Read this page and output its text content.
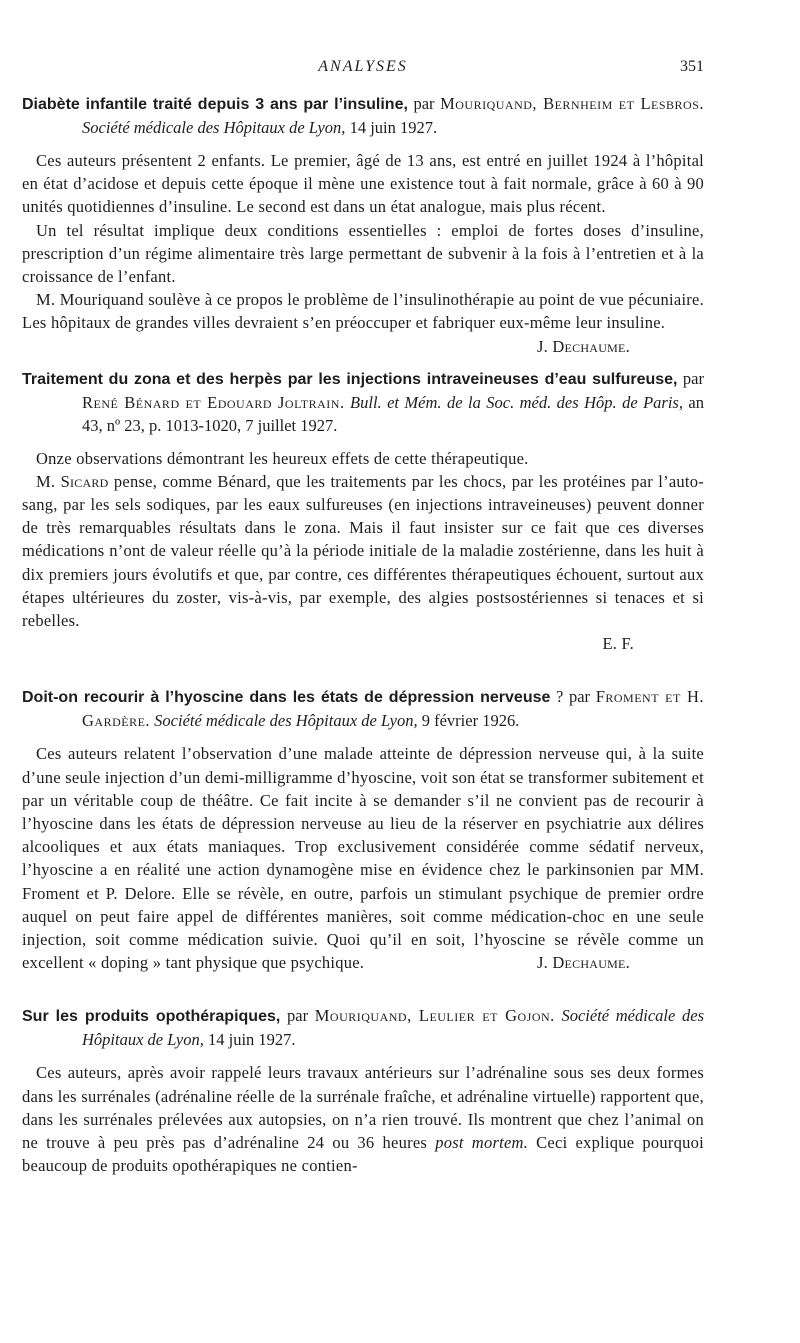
ANALYSES	351

Diabète infantile traité depuis 3 ans par l’insuline, par Mouriquand, Bernheim et Lesbros. Société médicale des Hôpitaux de Lyon, 14 juin 1927.

Ces auteurs présentent 2 enfants. Le premier, âgé de 13 ans, est entré en juillet 1924 à l’hôpital en état d’acidose et depuis cette époque il mène une existence tout à fait normale, grâce à 60 à 90 unités quotidiennes d’insuline. Le second est dans un état analogue, mais plus récent.

Un tel résultat implique deux conditions essentielles : emploi de fortes doses d’insuline, prescription d’un régime alimentaire très large permettant de subvenir à la fois à l’entretien et à la croissance de l’enfant.

M. Mouriquand soulève à ce propos le problème de l’insulinothérapie au point de vue pécuniaire. Les hôpitaux de grandes villes devraient s’en préoccuper et fabriquer eux-même leur insuline.
J. Dechaume.

Traitement du zona et des herpès par les injections intraveineuses d’eau sulfureuse, par René Bénard et Edouard Joltrain. Bull. et Mém. de la Soc. méd. des Hôp. de Paris, an 43, nº 23, p. 1013-1020, 7 juillet 1927.

Onze observations démontrant les heureux effets de cette thérapeutique.

M. Sicard pense, comme Bénard, que les traitements par les chocs, par les protéines par l’auto-sang, par les sels sodiques, par les eaux sulfureuses (en injections intraveineuses) peuvent donner de très remarquables résultats dans le zona. Mais il faut insister sur ce fait que ces diverses médications n’ont de valeur réelle qu’à la période initiale de la maladie zostérienne, dans les huit à dix premiers jours évolutifs et que, par contre, ces différentes thérapeutiques échouent, surtout aux étapes ultérieures du zoster, vis-à-vis, par exemple, des algies postsostériennes si tenaces et si rebelles.

E. F.

Doit-on recourir à l’hyoscine dans les états de dépression nerveuse ? par Froment et H. Gardère. Société médicale des Hôpitaux de Lyon, 9 février 1926.

Ces auteurs relatent l’observation d’une malade atteinte de dépression nerveuse qui, à la suite d’une seule injection d’un demi-milligramme d’hyoscine, voit son état se transformer subitement et par un véritable coup de théâtre. Ce fait incite à se demander s’il ne convient pas de recourir à l’hyoscine dans les états de dépression nerveuse au lieu de la réserver en psychiatrie aux délires alcooliques et aux états maniaques. Trop exclusivement considérée comme sédatif nerveux, l’hyoscine a en réalité une action dynamogène mise en évidence chez le parkinsonien par MM. Froment et P. Delore. Elle se révèle, en outre, parfois un stimulant psychique de premier ordre auquel on peut faire appel de différentes manières, soit comme médication-choc en une seule injection, soit comme médication suivie. Quoi qu’il en soit, l’hyoscine se révèle comme un excellent « doping » tant physique que psychique.	J. Dechaume.

Sur les produits opothérapiques, par Mouriquand, Leulier et Gojon. Société médicale des Hôpitaux de Lyon, 14 juin 1927.

Ces auteurs, après avoir rappelé leurs travaux antérieurs sur l’adrénaline sous ses deux formes dans les surrénales (adrénaline réelle de la surrénale fraîche, et adrénaline virtuelle) rapportent que, dans les surrénales prélevées aux autopsies, on n’a rien trouvé. Ils montrent que chez l’animal on ne trouve à peu près pas d’adrénaline 24 ou 36 heures post mortem. Ceci explique pourquoi beaucoup de produits opothérapiques ne contien-
